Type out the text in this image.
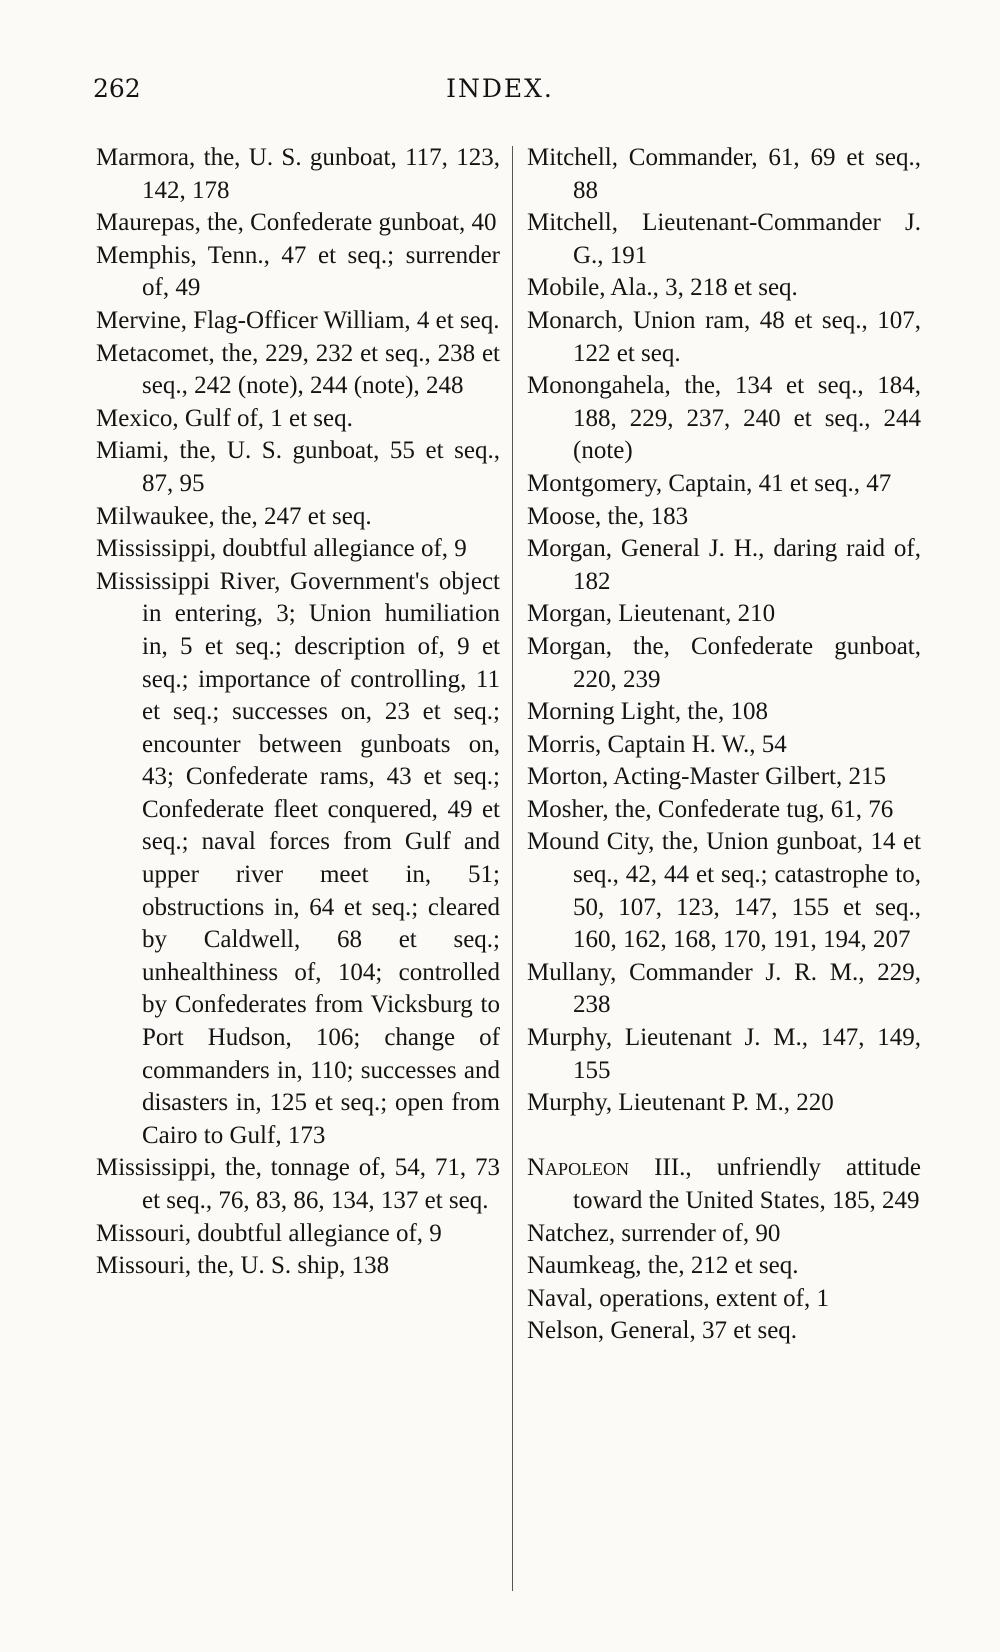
262	INDEX.

Marmora, the, U. S. gunboat, 117, 123, 142, 178

Maurepas, the, Confederate gunboat, 40

Memphis, Tenn., 47 et seq.; surrender of, 49

Mervine, Flag-Officer William, 4 et seq.

Metacomet, the, 229, 232 et seq., 238 et seq., 242 (note), 244 (note), 248

Mexico, Gulf of, 1 et seq.

Miami, the, U. S. gunboat, 55 et seq., 87, 95

Milwaukee, the, 247 et seq.

Mississippi, doubtful allegiance of, 9

Mississippi River, Government's object in entering, 3; Union humiliation in, 5 et seq.; description of, 9 et seq.; importance of controlling, 11 et seq.; successes on, 23 et seq.; encounter between gunboats on, 43; Confederate rams, 43 et seq.; Confederate fleet conquered, 49 et seq.; naval forces from Gulf and upper river meet in, 51; obstructions in, 64 et seq.; cleared by Caldwell, 68 et seq.; unhealthiness of, 104; controlled by Confederates from Vicksburg to Port Hudson, 106; change of commanders in, 110; successes and disasters in, 125 et seq.; open from Cairo to Gulf, 173

Mississippi, the, tonnage of, 54, 71, 73 et seq., 76, 83, 86, 134, 137 et seq.

Missouri, doubtful allegiance of, 9

Missouri, the, U. S. ship, 138

Mitchell, Commander, 61, 69 et seq., 88

Mitchell, Lieutenant-Commander J. G., 191

Mobile, Ala., 3, 218 et seq.

Monarch, Union ram, 48 et seq., 107, 122 et seq.

Monongahela, the, 134 et seq., 184, 188, 229, 237, 240 et seq., 244 (note)

Montgomery, Captain, 41 et seq., 47

Moose, the, 183

Morgan, General J. H., daring raid of, 182

Morgan, Lieutenant, 210

Morgan, the, Confederate gunboat, 220, 239

Morning Light, the, 108

Morris, Captain H. W., 54

Morton, Acting-Master Gilbert, 215

Mosher, the, Confederate tug, 61, 76

Mound City, the, Union gunboat, 14 et seq., 42, 44 et seq.; catastrophe to, 50, 107, 123, 147, 155 et seq., 160, 162, 168, 170, 191, 194, 207

Mullany, Commander J. R. M., 229, 238

Murphy, Lieutenant J. M., 147, 149, 155

Murphy, Lieutenant P. M., 220

Napoleon III., unfriendly attitude toward the United States, 185, 249

Natchez, surrender of, 90

Naumkeag, the, 212 et seq.

Naval, operations, extent of, 1

Nelson, General, 37 et seq.
